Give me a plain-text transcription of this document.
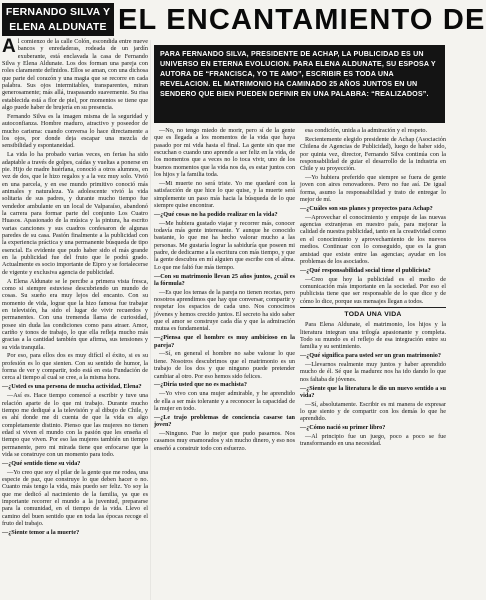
FERNANDO SILVA Y
ELENA ALDUNATE EL ENCANTAMIENTO DE
PARA FERNANDO SILVA, PRESIDENTE DE ACHAP, LA PUBLICIDAD ES UN UNIVERSO EN ETERNA EVOLUCION. PARA ELENA ALDUNATE, SU ESPOSA Y AUTORA DE “FRANCISCA, YO TE AMO”, ESCRIBIR ES TODA UNA REVELACION. EL MATRIMONIO HA CAMINADO 25 AÑOS JUNTOS EN UN SENDERO QUE BIEN PUEDEN DEFINIR EN UNA PALABRA: “REALIZADOS”.

Al comienzo de la calle Colón, escondida entre nueve bancos y enredaderas, rodeada de un jardín exuberante, está enclavada la casa de Fernando Silva y Elena Aldunate. Los dos forman una pareja con roles claramente definidos. Ellos se aman, con una dichosa que parte del corazón y una magia que se recorre en cada palabra. Sus ojos intermitables, transparentes, miran generosamente; más allá, traspasando suavemente. Su risa establecida está a flor de piel, por momentos se tiene que algo puede haber de brujería en su presencia.

Fernando Silva es la imagen misma de la seguridad y autoconfianza. Hombre maduro, atractivo y poseedor de mucho carisma: cuando conversa lo hace directamente a los ojos, por donde deja escapar una mezcla de sensibilidad y espontaneidad.

La vida lo ha probado varias veces, en ferias ha sido adaptable a través de golpes, caídas y vueltas a ponerse en pie. Hijo de madre huérfana, conoció a otros alumnos, en vez de dos, que le hizo regalos y a la vez muy solo. Vivió en una parcela, y en ese mundo primitivo conoció más animales y naturaleza. Ya adolescente vivió la vida solitaria de sus padres, y durante mucho tiempo fue vendedor ambulante en un local de Valparaíso, abandonó la carrera para formar parte del conjunto Los Cuatro Huasos. Apasionado de la música y la pintura, ha escrito varias canciones y sus cuadros confesaron de algunas paredes de su casa. Pasión finalmente a la publicidad con la experiencia práctica y una permanente búsqueda de tipo esencial. Es evidente que pudo haber sido el más grande en la publicidad fue del fruto que le podrá grado. Actualmente es socio importante de Eipro y se fortalecerse de vigente y exclusiva agencia de publicidad.

A Elena Aldunate se le percibe a primera vista fresca, como si siempre estuviese descubriendo un mundo de cosas. Su sueño era muy lejos del encanto. Con su momento de vida, lograr que la hizo famosa fue trabajar en televisión, ha sido el lugar de vivir recuerdos y permanentes. Con una tremenda llama de curiosidad, posee sin duda las condiciones como para atraer. Amor, cariño y tonos de trabajo, lo que ella refleja mucho más gracias a la cantidad también que afirma, sus tensiones y su vida tranquila.

Por eso, para ellos dos es muy difícil el éxito, si es su profesión es lo que sienten. Con su sentido de humor, la forma de ver y compartir, todo está en esta Fundación de cerca al tiempo al cual se cree, a la misma hora.

—¿Usted es una persona de mucha actividad, Elena?

—Así es. Hace tiempo comencé a escribir y tuve una relación aparte de lo que mi trabajo. Durante mucho tiempo me dediqué a la televisión y al dibujo de Chile, y es ahí donde me di cuenta de que la vida es algo completamente distinto. Pienso que las mujeres no tienen edad si viven el mundo con la pasión que les enseña el tiempo que viven. Por eso las mujeres también un tiempo permanente, pero mi mirada tiene que enfocarse que la vida se construye con un momento para todo.

—¿Qué sentido tiene su vida?

—Yo creo que soy el pilar de la gente que me rodea, una especie de paz, que construye lo que deben hacer o no. Cuanto más tengo la vida, más puedo ser feliz. Yo soy la que me dedicó al nacimiento de la familia, ya que es importante recorrer el mundo a la juventud, prepararse para la comunidad, en el tiempo de la vida. Llevo el camino del buen sentido que en toda las épocas recoge el fruto del trabajo.

—¿Siente temor a la muerte?

—No, no tengo miedo de morir, pero sí de la gente que es llegada a los momentos de la vida que haya pasado por mi vida hasta el final. La gente sin que me escuchan o cuando uno aprende a ser feliz en la vida, de los momentos que a veces no lo toca vivir, uno de los buenos momentos que la vida nos da, es estar juntos con los hijos y la familia toda.

—Mi muerte no será triste. Yo me quedaré con la satisfacción de que hice lo que quise, y la muerte será simplemente un paso más hacia la búsqueda de lo que siempre quise encontrar.

—¿Qué cosas no ha podido realizar en la vida?

—Me hubiera gustado viajar y recorrer más, conocer todavía más gente interesante. Y aunque he conocido bastante, lo que me ha hecho valorar mucho a las personas. Me gustaría lograr la sabiduría que poseen mi padre, de dedicarme a la escritura con más tiempo, y que la gente descubra en mí alguien que escribe con el alma. Lo que me faltó fue más tiempo.

—Con su matrimonio llevan 25 años juntos, ¿cuál es la fórmula?

—Es que los temas de la pareja no tienen recetas, pero nosotros aprendimos que hay que conversar, compartir y respetar los espacios de cada uno. Nos conocimos jóvenes y hemos crecido juntos. El secreto ha sido saber que el amor se construye cada día y que la admiración mutua es fundamental.

—¿Piensa que el hombre es muy ambicioso en la pareja?

—Sí, en general el hombre no sabe valorar lo que tiene. Nosotros descubrimos que el matrimonio es un trabajo de los dos y que ninguno puede pretender cambiar al otro. Por eso hemos sido felices.

—¿Diría usted que no es machista?

—Yo vivo con una mujer admirable, y he aprendido de ella a ser más tolerante y a reconocer la capacidad de la mujer en todo.

—¿Le trajo problemas de conciencia casarse tan joven?

—Ninguno. Fue lo mejor que pudo pasarnos. Nos casamos muy enamorados y sin mucho dinero, y eso nos enseñó a construir todo con esfuerzo.

esa condición, unida a la admiración y el respeto.

Recientemente elegido presidente de Achap (Asociación Chilena de Agencias de Publicidad), luego de haber sido, por quinta vez, director, Fernando Silva continúa con la responsabilidad de guiar el desarrollo de la industria en Chile y su proyección.

—Yo hubiera preferido que siempre se fuera de gente joven con aires renovadores. Pero no fue así. De igual forma, asumo la responsabilidad y trato de entregar lo mejor de mí.

—¿Cuáles son sus planes y proyectos para Achap?

—Aprovechar el conocimiento y empuje de las nuevas agencias extranjeras en nuestro país, para mejorar la calidad de nuestra publicidad, tanto en la creatividad como en el conocimiento y aprovechamiento de los nuevos medios. Continuar con lo conseguido, que es la gran amistad que existe entre las agencias; ayudar en los problemas de los asociados.

—¿Qué responsabilidad social tiene el publicista?

—Creo que hoy la publicidad es el medio de comunicación más importante en la sociedad. Por eso el publicista tiene que ser responsable de lo que dice y de cómo lo dice, porque sus mensajes llegan a todos.

TODA UNA VIDA

Para Elena Aldunate, el matrimonio, los hijos y la literatura integran una trilogía apasionante y completa. Todo su mundo es el reflejo de esa integración entre su familia y su sentimiento.

—¿Qué significa para usted ser un gran matrimonio?

—Llevarnos realmente muy juntos y haber aprendido mucho de él. Sé que la madurez nos ha ido dando lo que nos faltaba de jóvenes.

—¿Siente que la literatura le dio un nuevo sentido a su vida?

—Sí, absolutamente. Escribir es mi manera de expresar lo que siento y de compartir con los demás lo que he aprendido.

—¿Cómo nació su primer libro?

—Al principio fue un juego, poco a poco se fue transformando en una necesidad.
